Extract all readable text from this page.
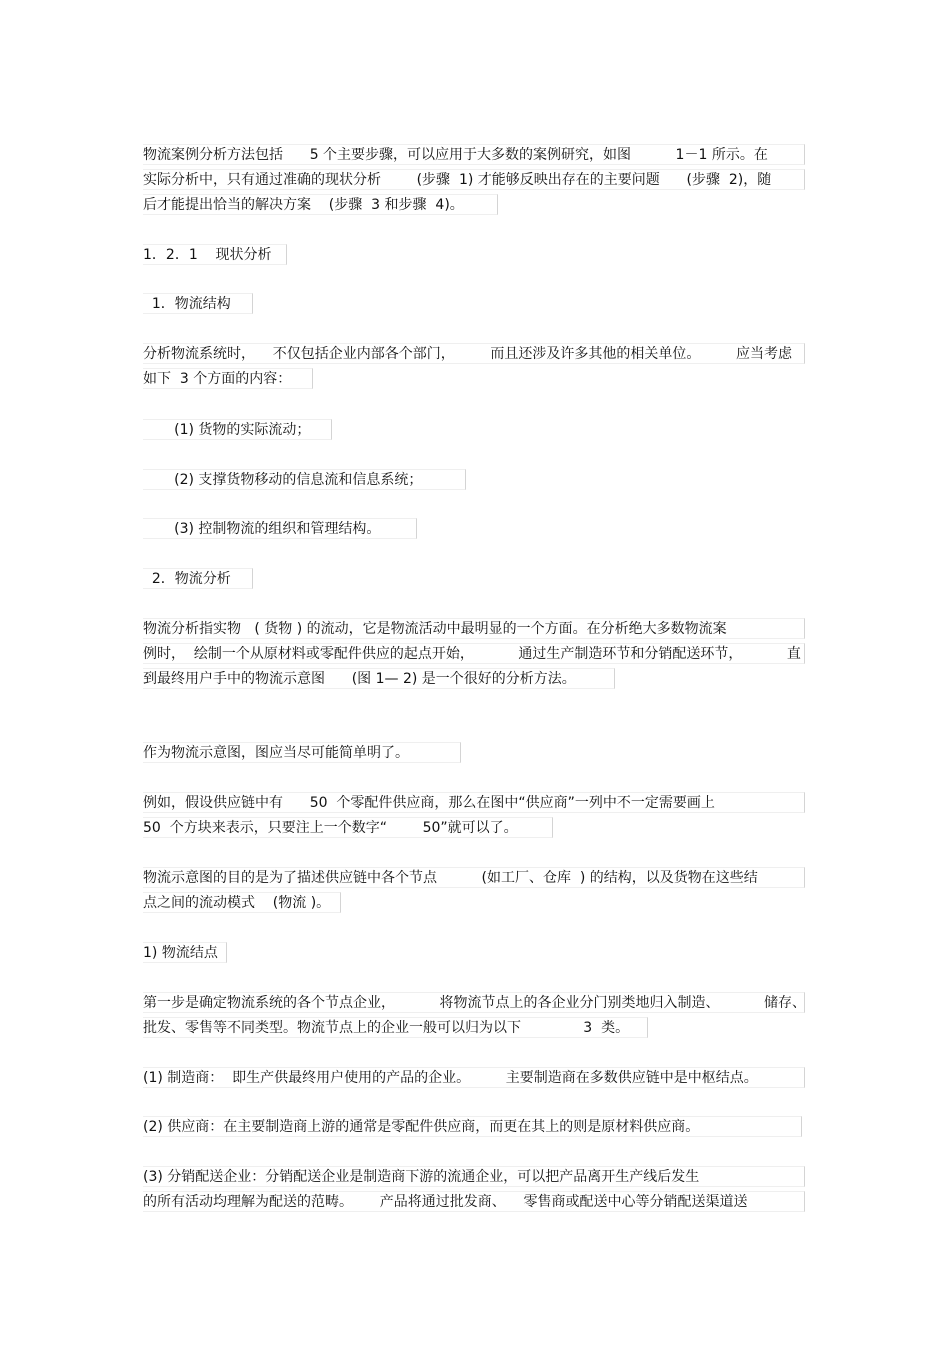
物流案例分析方法包括      5 个主要步骤，可以应用于大多数的案例研究，如图          1－1 所示。在
实际分析中，只有通过准确的现状分析        (步骤  1) 才能够反映出存在的主要问题      (步骤  2)，随
后才能提出恰当的解决方案    (步骤  3 和步骤  4)。
1．2．1    现状分析
1．物流结构
分析物流系统时，    不仅包括企业内部各个部门，        而且还涉及许多其他的相关单位。        应当考虑
如下  3 个方面的内容：
(1) 货物的实际流动；
(2) 支撑货物移动的信息流和信息系统；
(3) 控制物流的组织和管理结构。
2．物流分析
物流分析指实物   ( 货物 ) 的流动，它是物流活动中最明显的一个方面。在分析绝大多数物流案
例时，  绘制一个从原材料或零配件供应的起点开始，          通过生产制造环节和分销配送环节，          直
到最终用户手中的物流示意图      (图 1— 2) 是一个很好的分析方法。
作为物流示意图，图应当尽可能简单明了。
例如，假设供应链中有      50  个零配件供应商，那么在图中“供应商”一列中不一定需要画上
50  个方块来表示，只要注上一个数字“        50”就可以了。
物流示意图的目的是为了描述供应链中各个节点          (如工厂、仓库  ) 的结构，以及货物在这些结
点之间的流动模式    (物流 )。
1) 物流结点
第一步是确定物流系统的各个节点企业，          将物流节点上的各企业分门别类地归入制造、          储存、
批发、零售等不同类型。物流节点上的企业一般可以归为以下              3  类。
(1) 制造商：  即生产供最终用户使用的产品的企业。        主要制造商在多数供应链中是中枢结点。
(2) 供应商：在主要制造商上游的通常是零配件供应商，而更在其上的则是原材料供应商。
(3) 分销配送企业：分销配送企业是制造商下游的流通企业，可以把产品离开生产线后发生
的所有活动均理解为配送的范畴。      产品将通过批发商、    零售商或配送中心等分销配送渠道送
